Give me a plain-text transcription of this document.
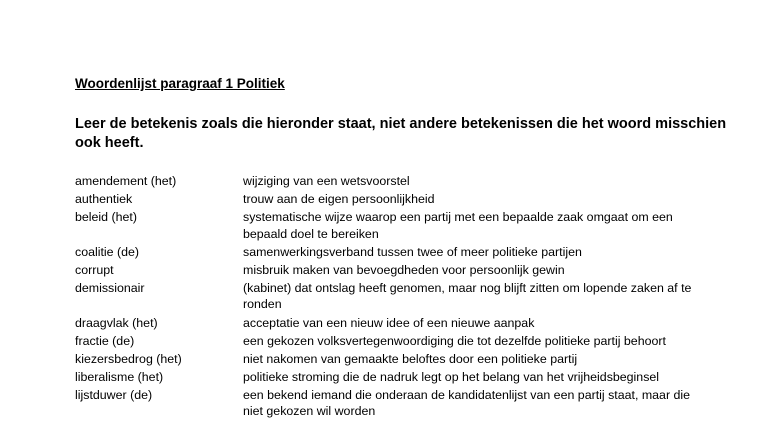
Woordenlijst paragraaf 1 Politiek

Leer de betekenis zoals die hieronder staat, niet andere betekenissen die het woord misschien ook heeft.

amendement (het)	wijziging van een wetsvoorstel
authentiek	trouw aan de eigen persoonlijkheid
beleid (het)	systematische wijze waarop een partij met een bepaalde zaak omgaat om een bepaald doel te bereiken
coalitie (de)	samenwerkingsverband tussen twee of meer politieke partijen
corrupt	misbruik maken van bevoegdheden voor persoonlijk gewin
demissionair	(kabinet) dat ontslag heeft genomen, maar nog blijft zitten om lopende zaken af te ronden
draagvlak (het)	acceptatie van een nieuw idee of een nieuwe aanpak
fractie (de)	een gekozen volksvertegenwoordiging die tot dezelfde politieke partij behoort
kiezersbedrog (het)	niet nakomen van gemaakte beloftes door een politieke partij
liberalisme (het)	politieke stroming die de nadruk legt op het belang van het vrijheidsbeginsel
lijstduwer (de)	een bekend iemand die onderaan de kandidatenlijst van een partij staat, maar die niet gekozen wil worden
